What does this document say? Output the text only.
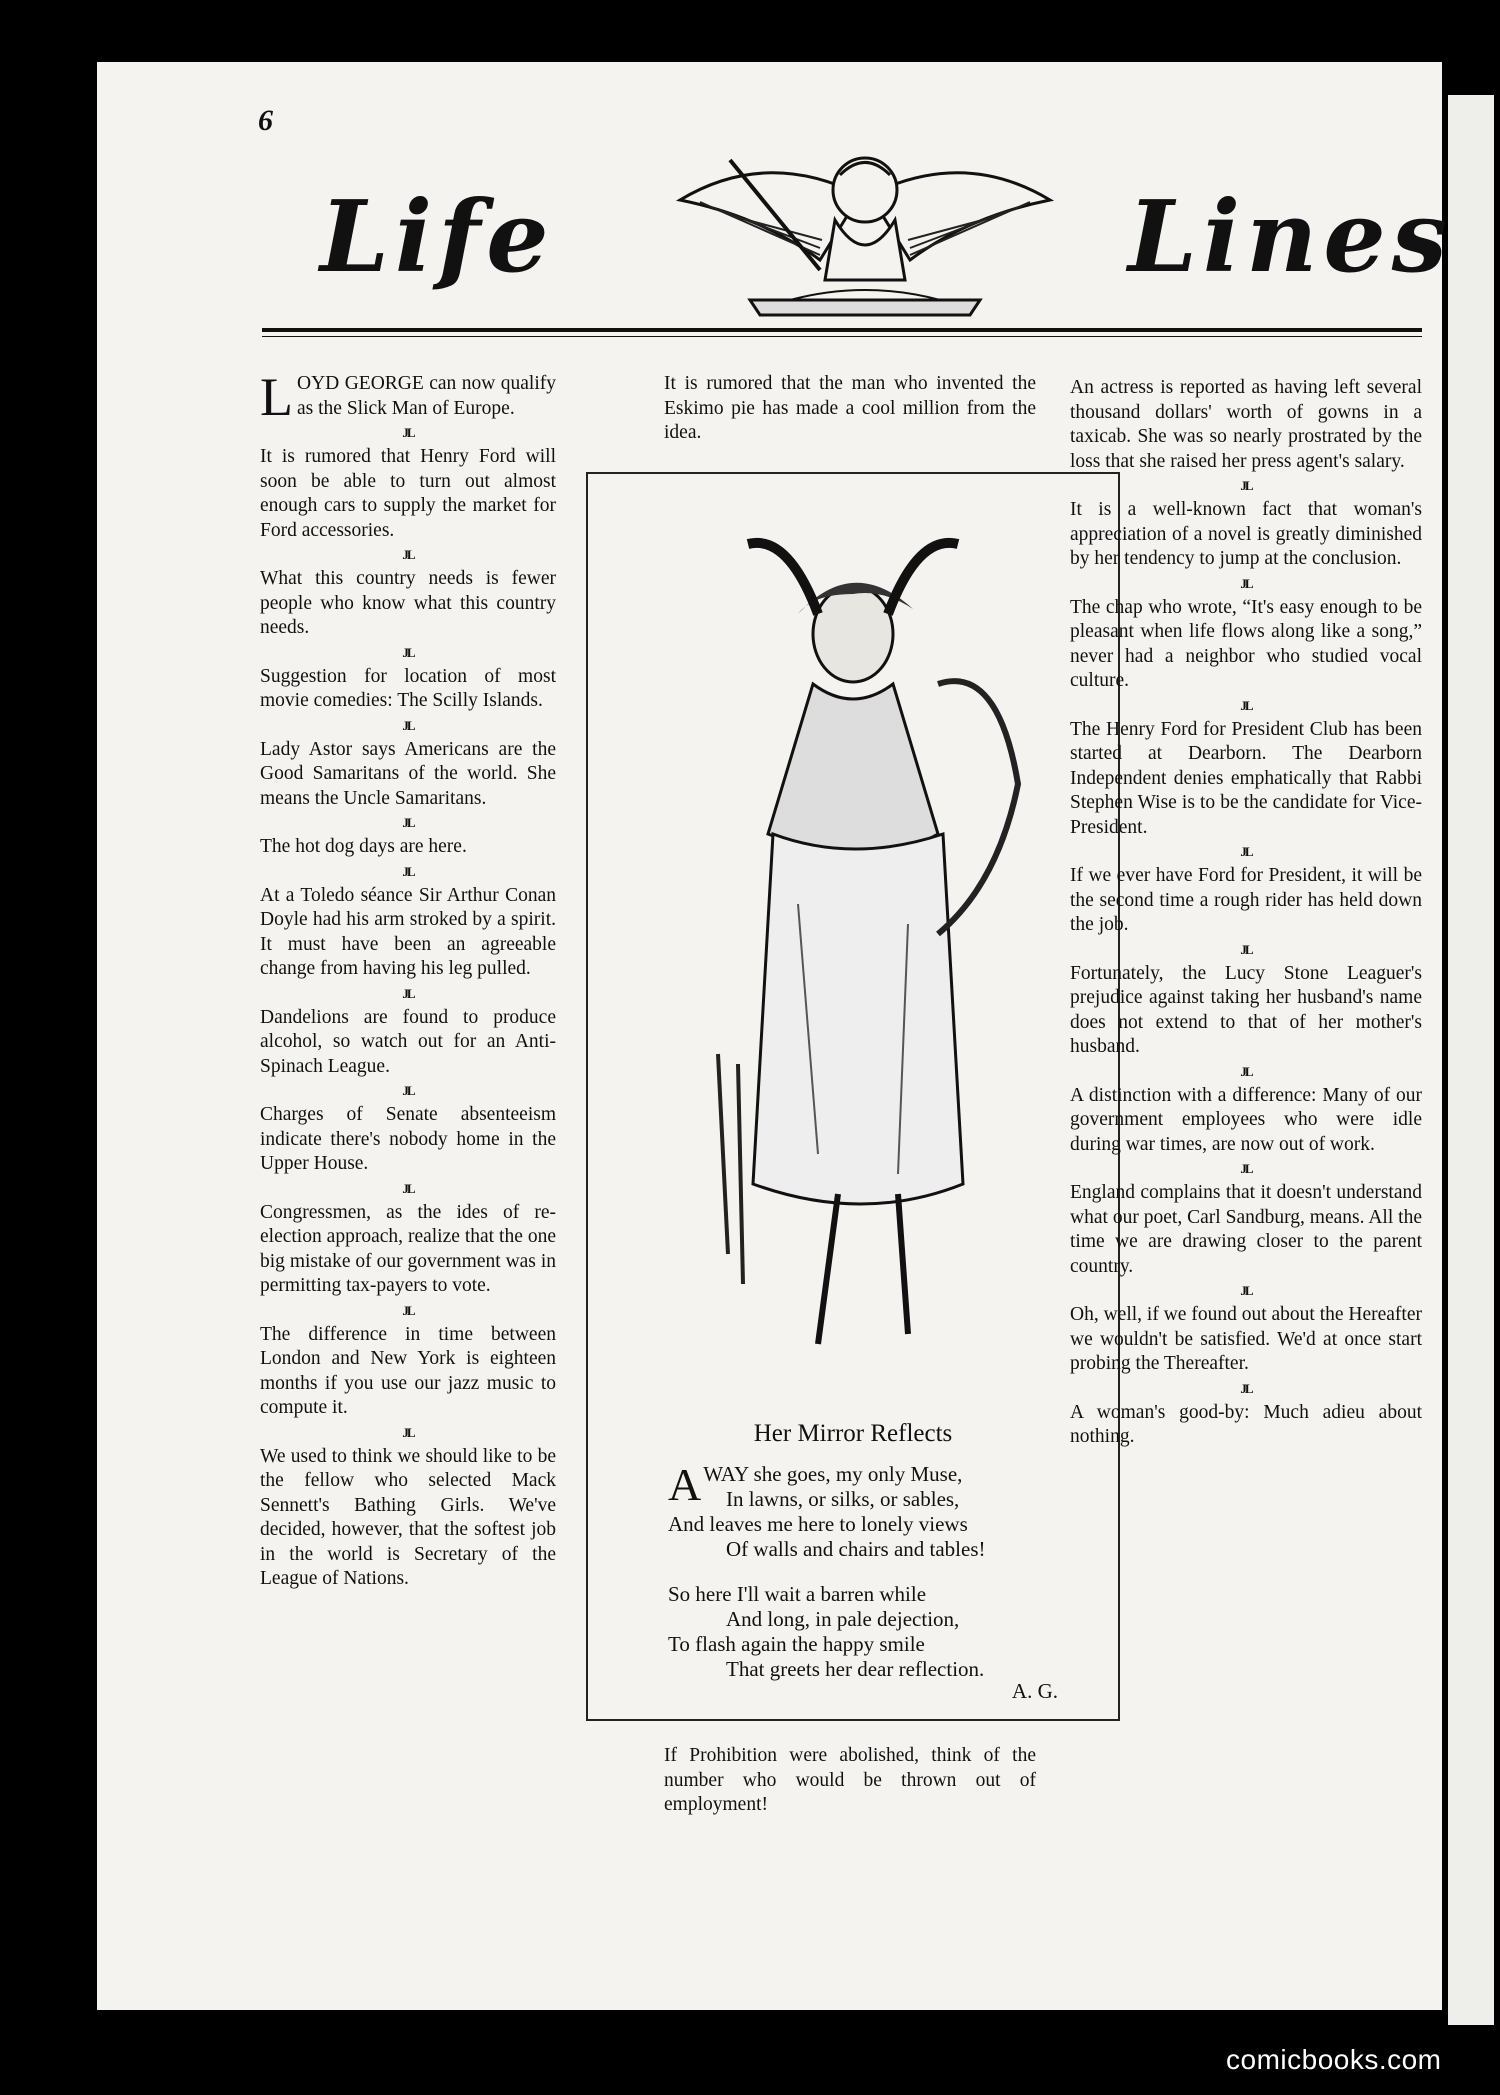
6
Life	Lines

LOYD GEORGE can now qualify as the Slick Man of Europe.

JL

It is rumored that Henry Ford will soon be able to turn out almost enough cars to supply the market for Ford accessories.

JL

What this country needs is fewer people who know what this country needs.

JL

Suggestion for location of most movie comedies: The Scilly Islands.

JL

Lady Astor says Americans are the Good Samaritans of the world. She means the Uncle Samaritans.

JL

The hot dog days are here.

JL

At a Toledo séance Sir Arthur Conan Doyle had his arm stroked by a spirit. It must have been an agreeable change from having his leg pulled.

JL

Dandelions are found to produce alcohol, so watch out for an Anti-Spinach League.

JL

Charges of Senate absenteeism indicate there's nobody home in the Upper House.

JL

Congressmen, as the ides of re-election approach, realize that the one big mistake of our government was in permitting tax-payers to vote.

JL

The difference in time between London and New York is eighteen months if you use our jazz music to compute it.

JL

We used to think we should like to be the fellow who selected Mack Sennett's Bathing Girls. We've decided, however, that the softest job in the world is Secretary of the League of Nations.

It is rumored that the man who invented the Eskimo pie has made a cool million from the idea.
Her Mirror Reflects
AWAY she goes, my only Muse,
In lawns, or silks, or sables,
And leaves me here to lonely views
Of walls and chairs and tables!
So here I'll wait a barren while
And long, in pale dejection,
To flash again the happy smile
That greets her dear reflection.
A. G.
If Prohibition were abolished, think of the number who would be thrown out of employment!

An actress is reported as having left several thousand dollars' worth of gowns in a taxicab. She was so nearly prostrated by the loss that she raised her press agent's salary.

JL

It is a well-known fact that woman's appreciation of a novel is greatly diminished by her tendency to jump at the conclusion.

JL

The chap who wrote, “It's easy enough to be pleasant when life flows along like a song,” never had a neighbor who studied vocal culture.

JL

The Henry Ford for President Club has been started at Dearborn. The Dearborn Independent denies emphatically that Rabbi Stephen Wise is to be the candidate for Vice-President.

JL

If we ever have Ford for President, it will be the second time a rough rider has held down the job.

JL

Fortunately, the Lucy Stone Leaguer's prejudice against taking her husband's name does not extend to that of her mother's husband.

JL

A distinction with a difference: Many of our government employees who were idle during war times, are now out of work.

JL

England complains that it doesn't understand what our poet, Carl Sandburg, means. All the time we are drawing closer to the parent country.

JL

Oh, well, if we found out about the Hereafter we wouldn't be satisfied. We'd at once start probing the Thereafter.

JL

A woman's good-by: Much adieu about nothing.

comicbooks.com
